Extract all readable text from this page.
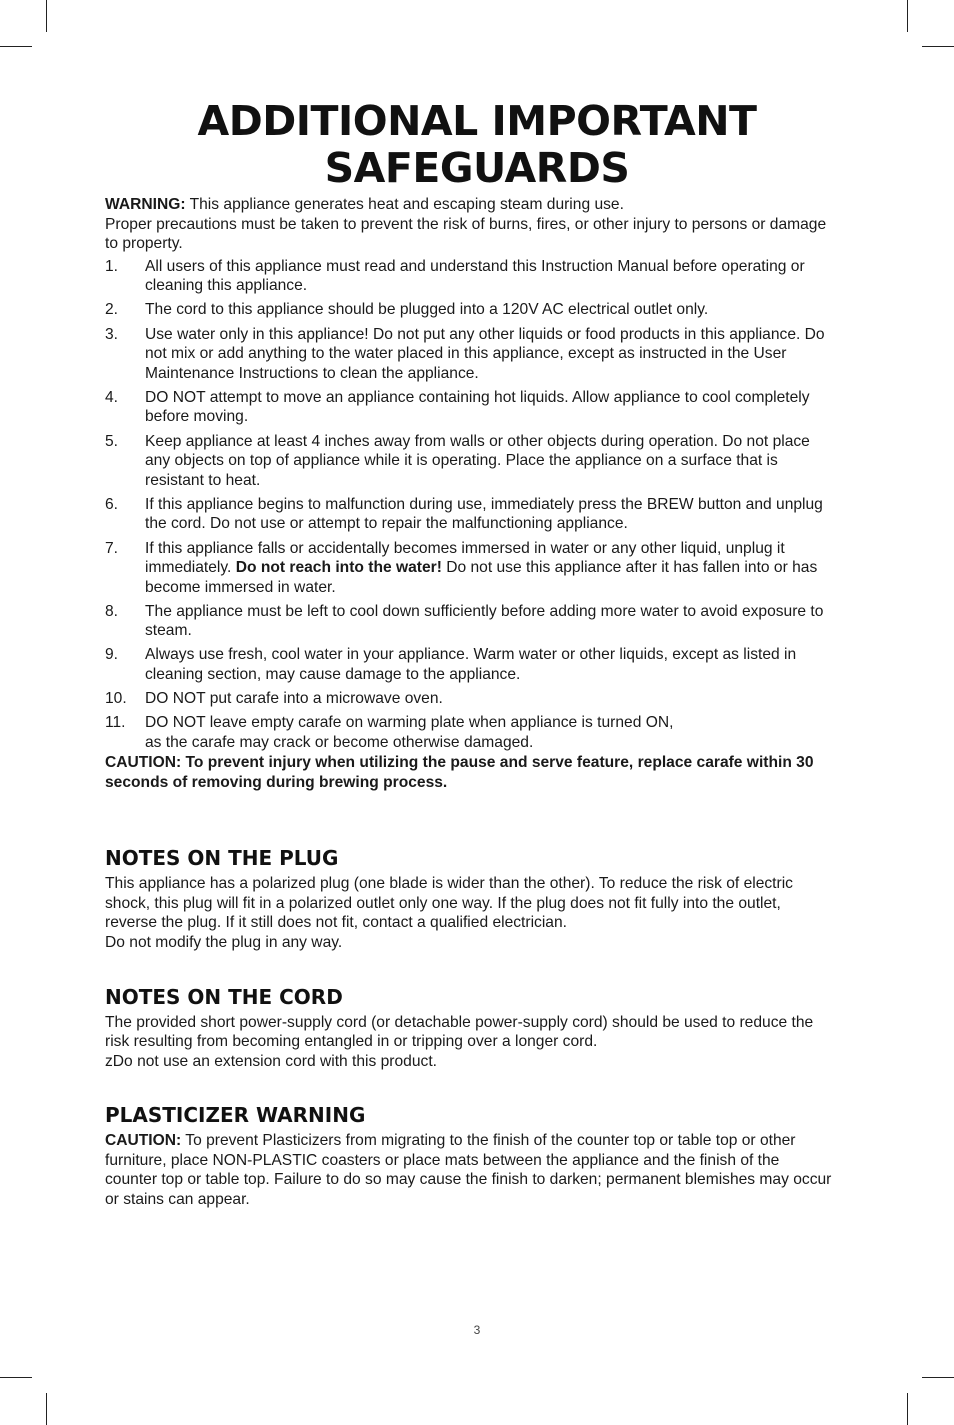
ADDITIONAL IMPORTANT
SAFEGUARDS

WARNING: This appliance generates heat and escaping steam during use.

Proper precautions must be taken to prevent the risk of burns, fires, or other injury to persons or damage to property.

1.	All users of this appliance must read and understand this Instruction Manual before operating or cleaning this appliance.
2.	The cord to this appliance should be plugged into a 120V AC electrical outlet only.
3.	Use water only in this appliance! Do not put any other liquids or food products in this appliance. Do not mix or add anything to the water placed in this appliance, except as instructed in the User Maintenance Instructions to clean the appliance.
4.	DO NOT attempt to move an appliance containing hot liquids. Allow appliance to cool completely before moving.
5.	Keep appliance at least 4 inches away from walls or other objects during operation. Do not place any objects on top of appliance while it is operating. Place the appliance on a surface that is resistant to heat.
6.	If this appliance begins to malfunction during use, immediately press the BREW button and unplug the cord. Do not use or attempt to repair the malfunctioning appliance.
7.	If this appliance falls or accidentally becomes immersed in water or any other liquid, unplug it immediately. Do not reach into the water! Do not use this appliance after it has fallen into or has become immersed in water.
8.	The appliance must be left to cool down sufficiently before adding more water to avoid exposure to steam.
9.	Always use fresh, cool water in your appliance. Warm water or other liquids, except as listed in cleaning section, may cause damage to the appliance.
10.	DO NOT put carafe into a microwave oven.
11.	DO NOT leave empty carafe on warming plate when appliance is turned ON,
as the carafe may crack or become otherwise damaged.

CAUTION: To prevent injury when utilizing the pause and serve feature, replace carafe within 30 seconds of removing during brewing process.

NOTES ON THE PLUG

This appliance has a polarized plug (one blade is wider than the other). To reduce the risk of electric shock, this plug will fit in a polarized outlet only one way. If the plug does not fit fully into the outlet, reverse the plug. If it still does not fit, contact a qualified electrician.

Do not modify the plug in any way.

NOTES ON THE CORD

The provided short power-supply cord (or detachable power-supply cord) should be used to reduce the risk resulting from becoming entangled in or tripping over a longer cord.

zDo not use an extension cord with this product.

PLASTICIZER WARNING

CAUTION: To prevent Plasticizers from migrating to the finish of the counter top or table top or other furniture, place NON-PLASTIC coasters or place mats between the appliance and the finish of the counter top or table top. Failure to do so may cause the finish to darken; permanent blemishes may occur or stains can appear.

3
